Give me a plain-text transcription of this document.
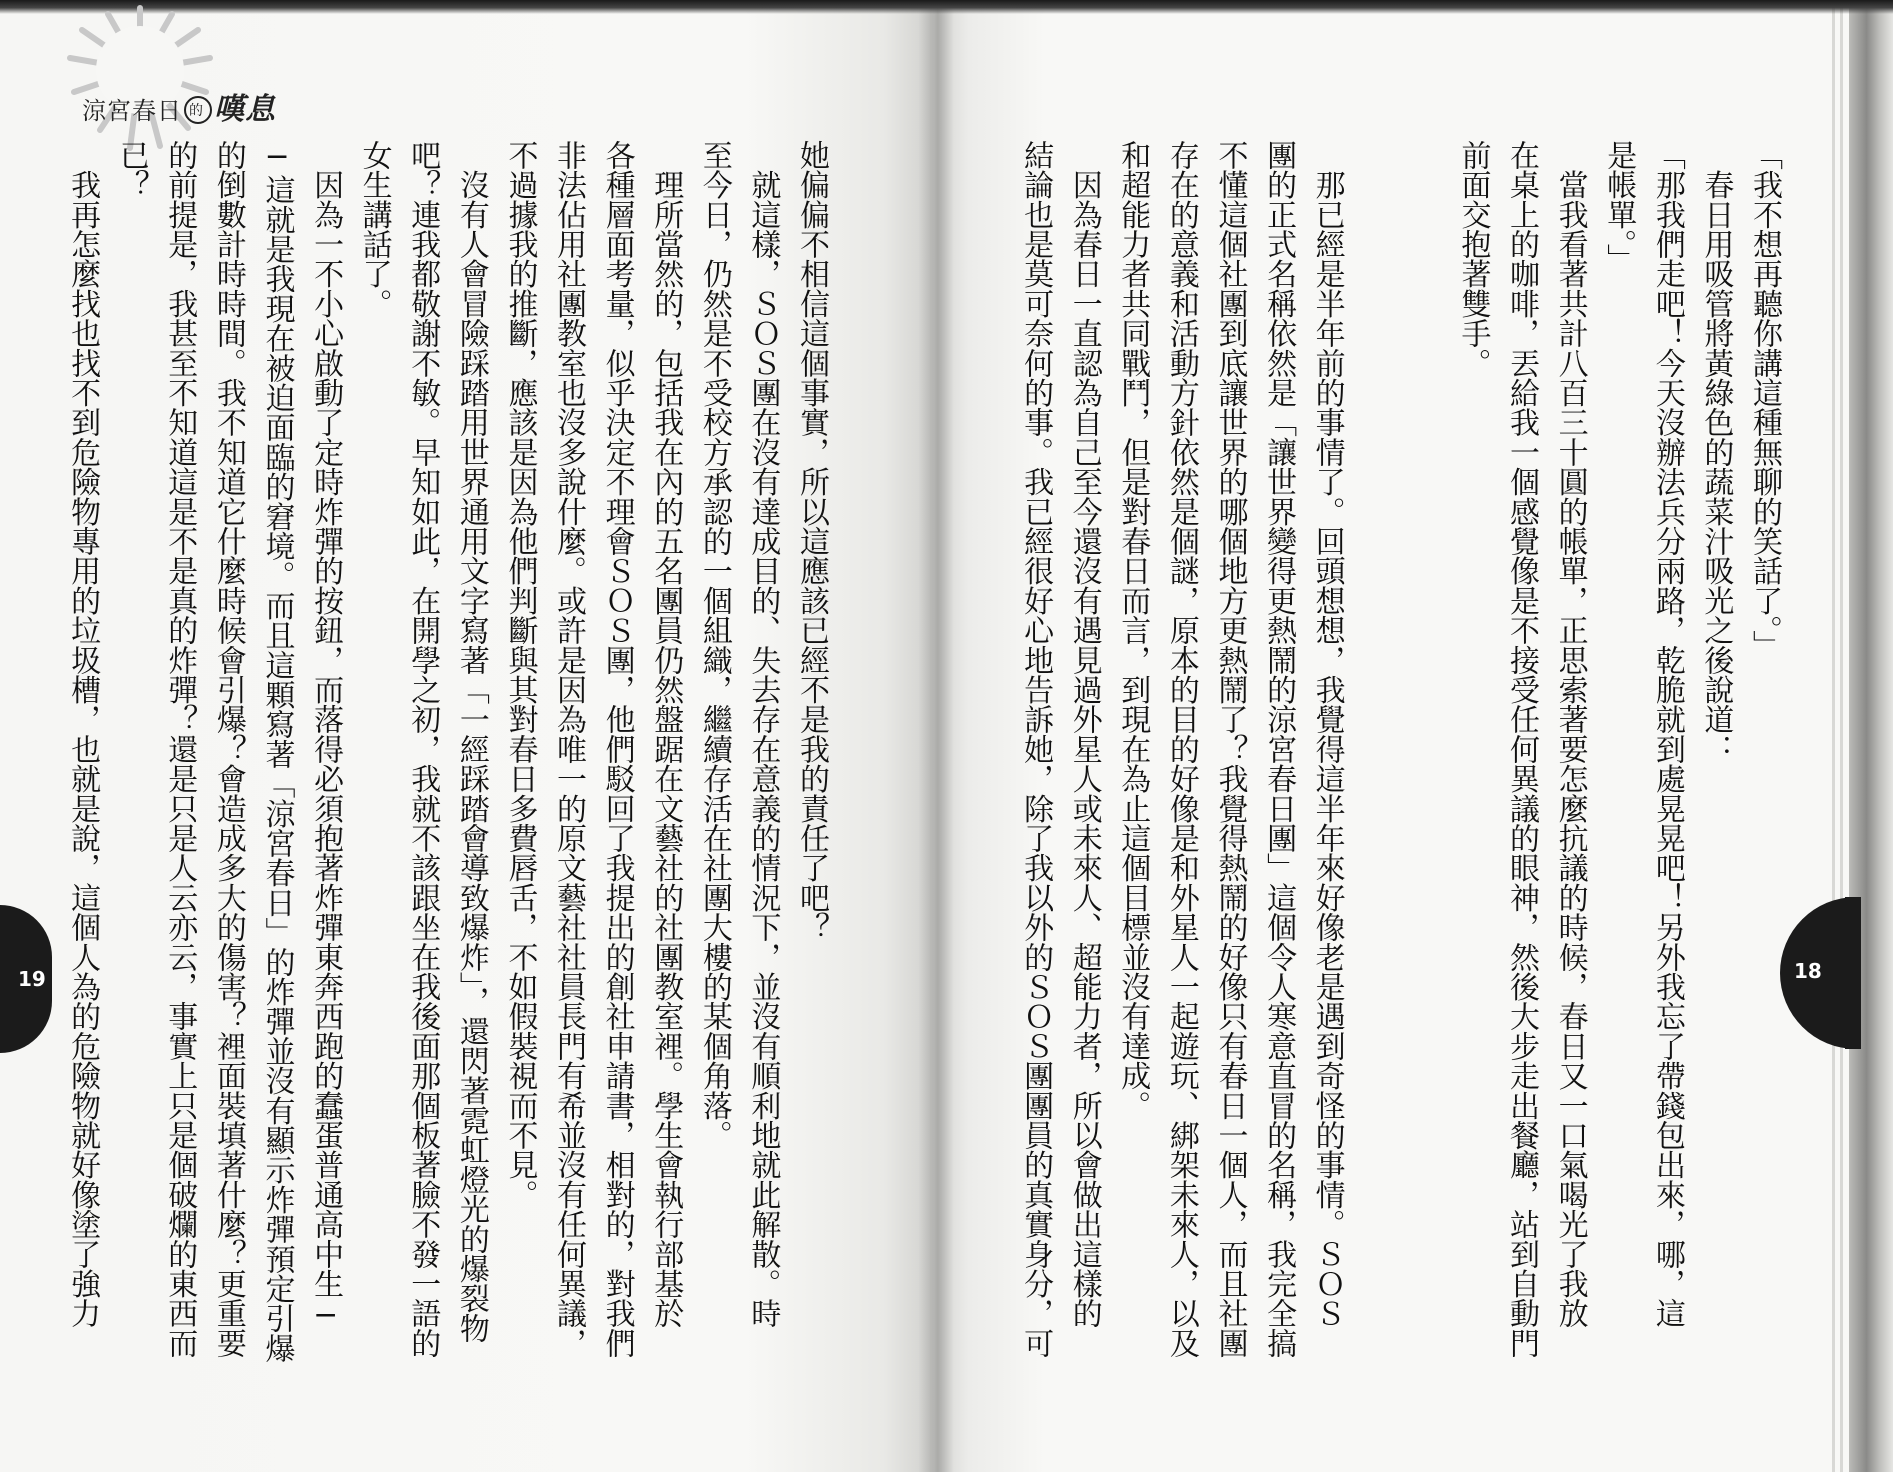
涼宮春日 的 嘆息
「我不想再聽你講這種無聊的笑話了。」
　春日用吸管將黃綠色的蔬菜汁吸光之後說道：
「那我們走吧！今天沒辦法兵分兩路，乾脆就到處晃晃吧！另外我忘了帶錢包出來，哪，這
是帳單。」
　當我看著共計八百三十圓的帳單，正思索著要怎麼抗議的時候，春日又一口氣喝光了我放
在桌上的咖啡，丟給我一個感覺像是不接受任何異議的眼神，然後大步走出餐廳，站到自動門
前面交抱著雙手。

　那已經是半年前的事情了。回頭想想，我覺得這半年來好像老是遇到奇怪的事情。ＳＯＳ
團的正式名稱依然是「讓世界變得更熱鬧的涼宮春日團」這個令人寒意直冒的名稱，我完全搞
不懂這個社團到底讓世界的哪個地方更熱鬧了？我覺得熱鬧的好像只有春日一個人，而且社團
存在的意義和活動方針依然是個謎，原本的目的好像是和外星人一起遊玩、綁架未來人，以及
和超能力者共同戰鬥，但是對春日而言，到現在為止這個目標並沒有達成。
　因為春日一直認為自己至今還沒有遇見過外星人或未來人、超能力者，所以會做出這樣的
結論也是莫可奈何的事。我已經很好心地告訴她，除了我以外的ＳＯＳ團團員的真實身分，可
她偏偏不相信這個事實，所以這應該已經不是我的責任了吧？
　就這樣，ＳＯＳ團在沒有達成目的、失去存在意義的情況下，並沒有順利地就此解散。時
至今日，仍然是不受校方承認的一個組織，繼續存活在社團大樓的某個角落。
　理所當然的，包括我在內的五名團員仍然盤踞在文藝社的社團教室裡。學生會執行部基於
各種層面考量，似乎決定不理會ＳＯＳ團，他們駁回了我提出的創社申請書，相對的，對我們
非法佔用社團教室也沒多說什麼。或許是因為唯一的原文藝社社員長門有希並沒有任何異議，
不過據我的推斷，應該是因為他們判斷與其對春日多費唇舌，不如假裝視而不見。
　沒有人會冒險踩踏用世界通用文字寫著「一經踩踏會導致爆炸」，還閃著霓虹燈光的爆裂物
吧？連我都敬謝不敏。早知如此，在開學之初，我就不該跟坐在我後面那個板著臉不發一語的
女生講話了。
　因為一不小心啟動了定時炸彈的按鈕，而落得必須抱著炸彈東奔西跑的蠢蛋普通高中生─
─這就是我現在被迫面臨的窘境。而且這顆寫著「涼宮春日」的炸彈並沒有顯示炸彈預定引爆
的倒數計時時間。我不知道它什麼時候會引爆？會造成多大的傷害？裡面裝填著什麼？更重要
的前提是，我甚至不知道這是不是真的炸彈？還是只是人云亦云，事實上只是個破爛的東西而
已？
　我再怎麼找也找不到危險物專用的垃圾槽，也就是說，這個人為的危險物就好像塗了強力
19	18
